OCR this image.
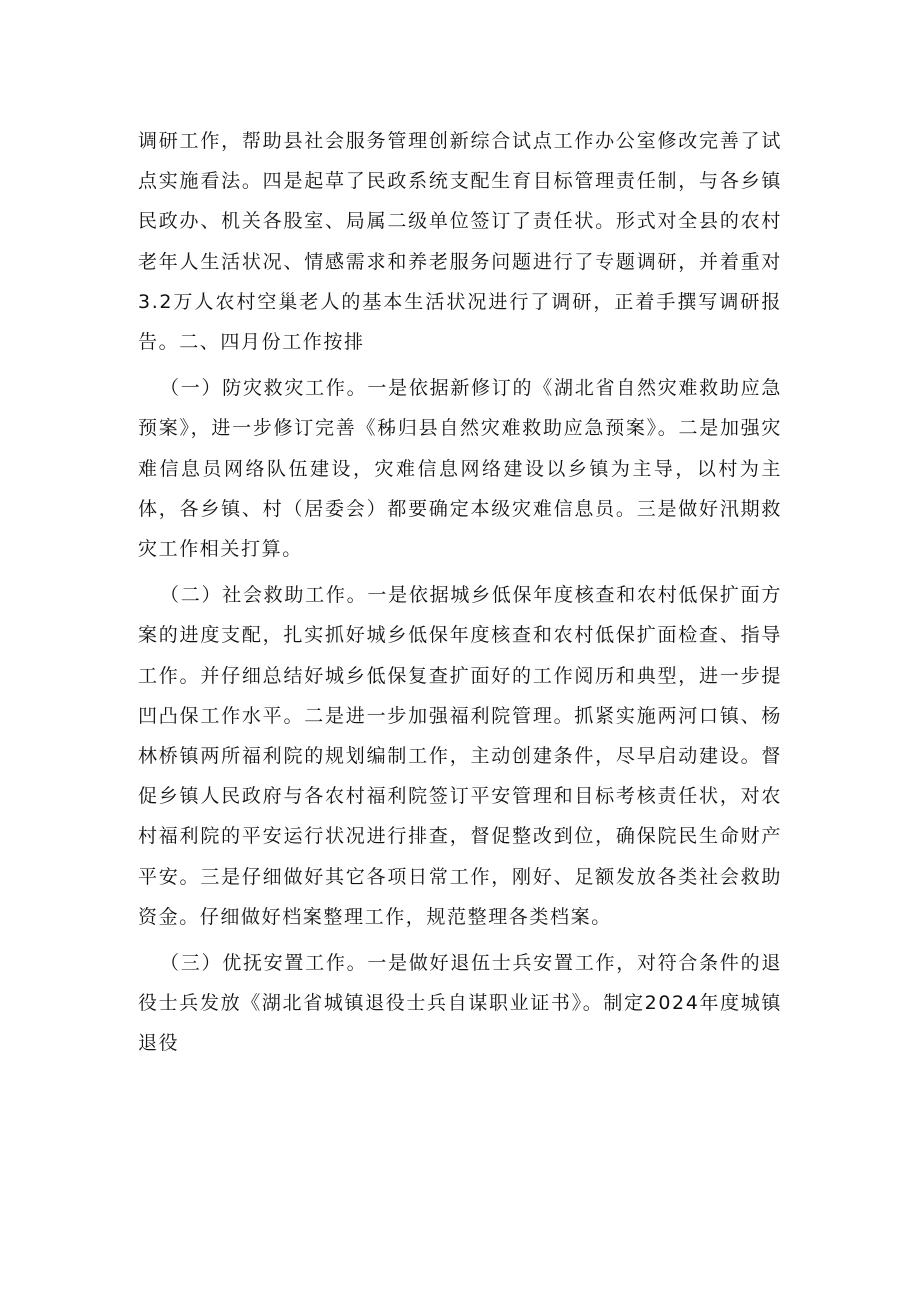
调研工作，帮助县社会服务管理创新综合试点工作办公室修改完善了试点实施看法。四是起草了民政系统支配生育目标管理责任制，与各乡镇民政办、机关各股室、局属二级单位签订了责任状。形式对全县的农村老年人生活状况、情感需求和养老服务问题进行了专题调研，并着重对3.2万人农村空巢老人的基本生活状况进行了调研，正着手撰写调研报告。二、四月份工作按排

（一）防灾救灾工作。一是依据新修订的《湖北省自然灾难救助应急预案》，进一步修订完善《秭归县自然灾难救助应急预案》。二是加强灾难信息员网络队伍建设，灾难信息网络建设以乡镇为主导，以村为主体，各乡镇、村（居委会）都要确定本级灾难信息员。三是做好汛期救灾工作相关打算。

（二）社会救助工作。一是依据城乡低保年度核查和农村低保扩面方案的进度支配，扎实抓好城乡低保年度核查和农村低保扩面检查、指导工作。并仔细总结好城乡低保复查扩面好的工作阅历和典型，进一步提凹凸保工作水平。二是进一步加强福利院管理。抓紧实施两河口镇、杨林桥镇两所福利院的规划编制工作，主动创建条件，尽早启动建设。督促乡镇人民政府与各农村福利院签订平安管理和目标考核责任状，对农村福利院的平安运行状况进行排查，督促整改到位，确保院民生命财产平安。三是仔细做好其它各项日常工作，刚好、足额发放各类社会救助资金。仔细做好档案整理工作，规范整理各类档案。

（三）优抚安置工作。一是做好退伍士兵安置工作，对符合条件的退役士兵发放《湖北省城镇退役士兵自谋职业证书》。制定2024年度城镇退役
